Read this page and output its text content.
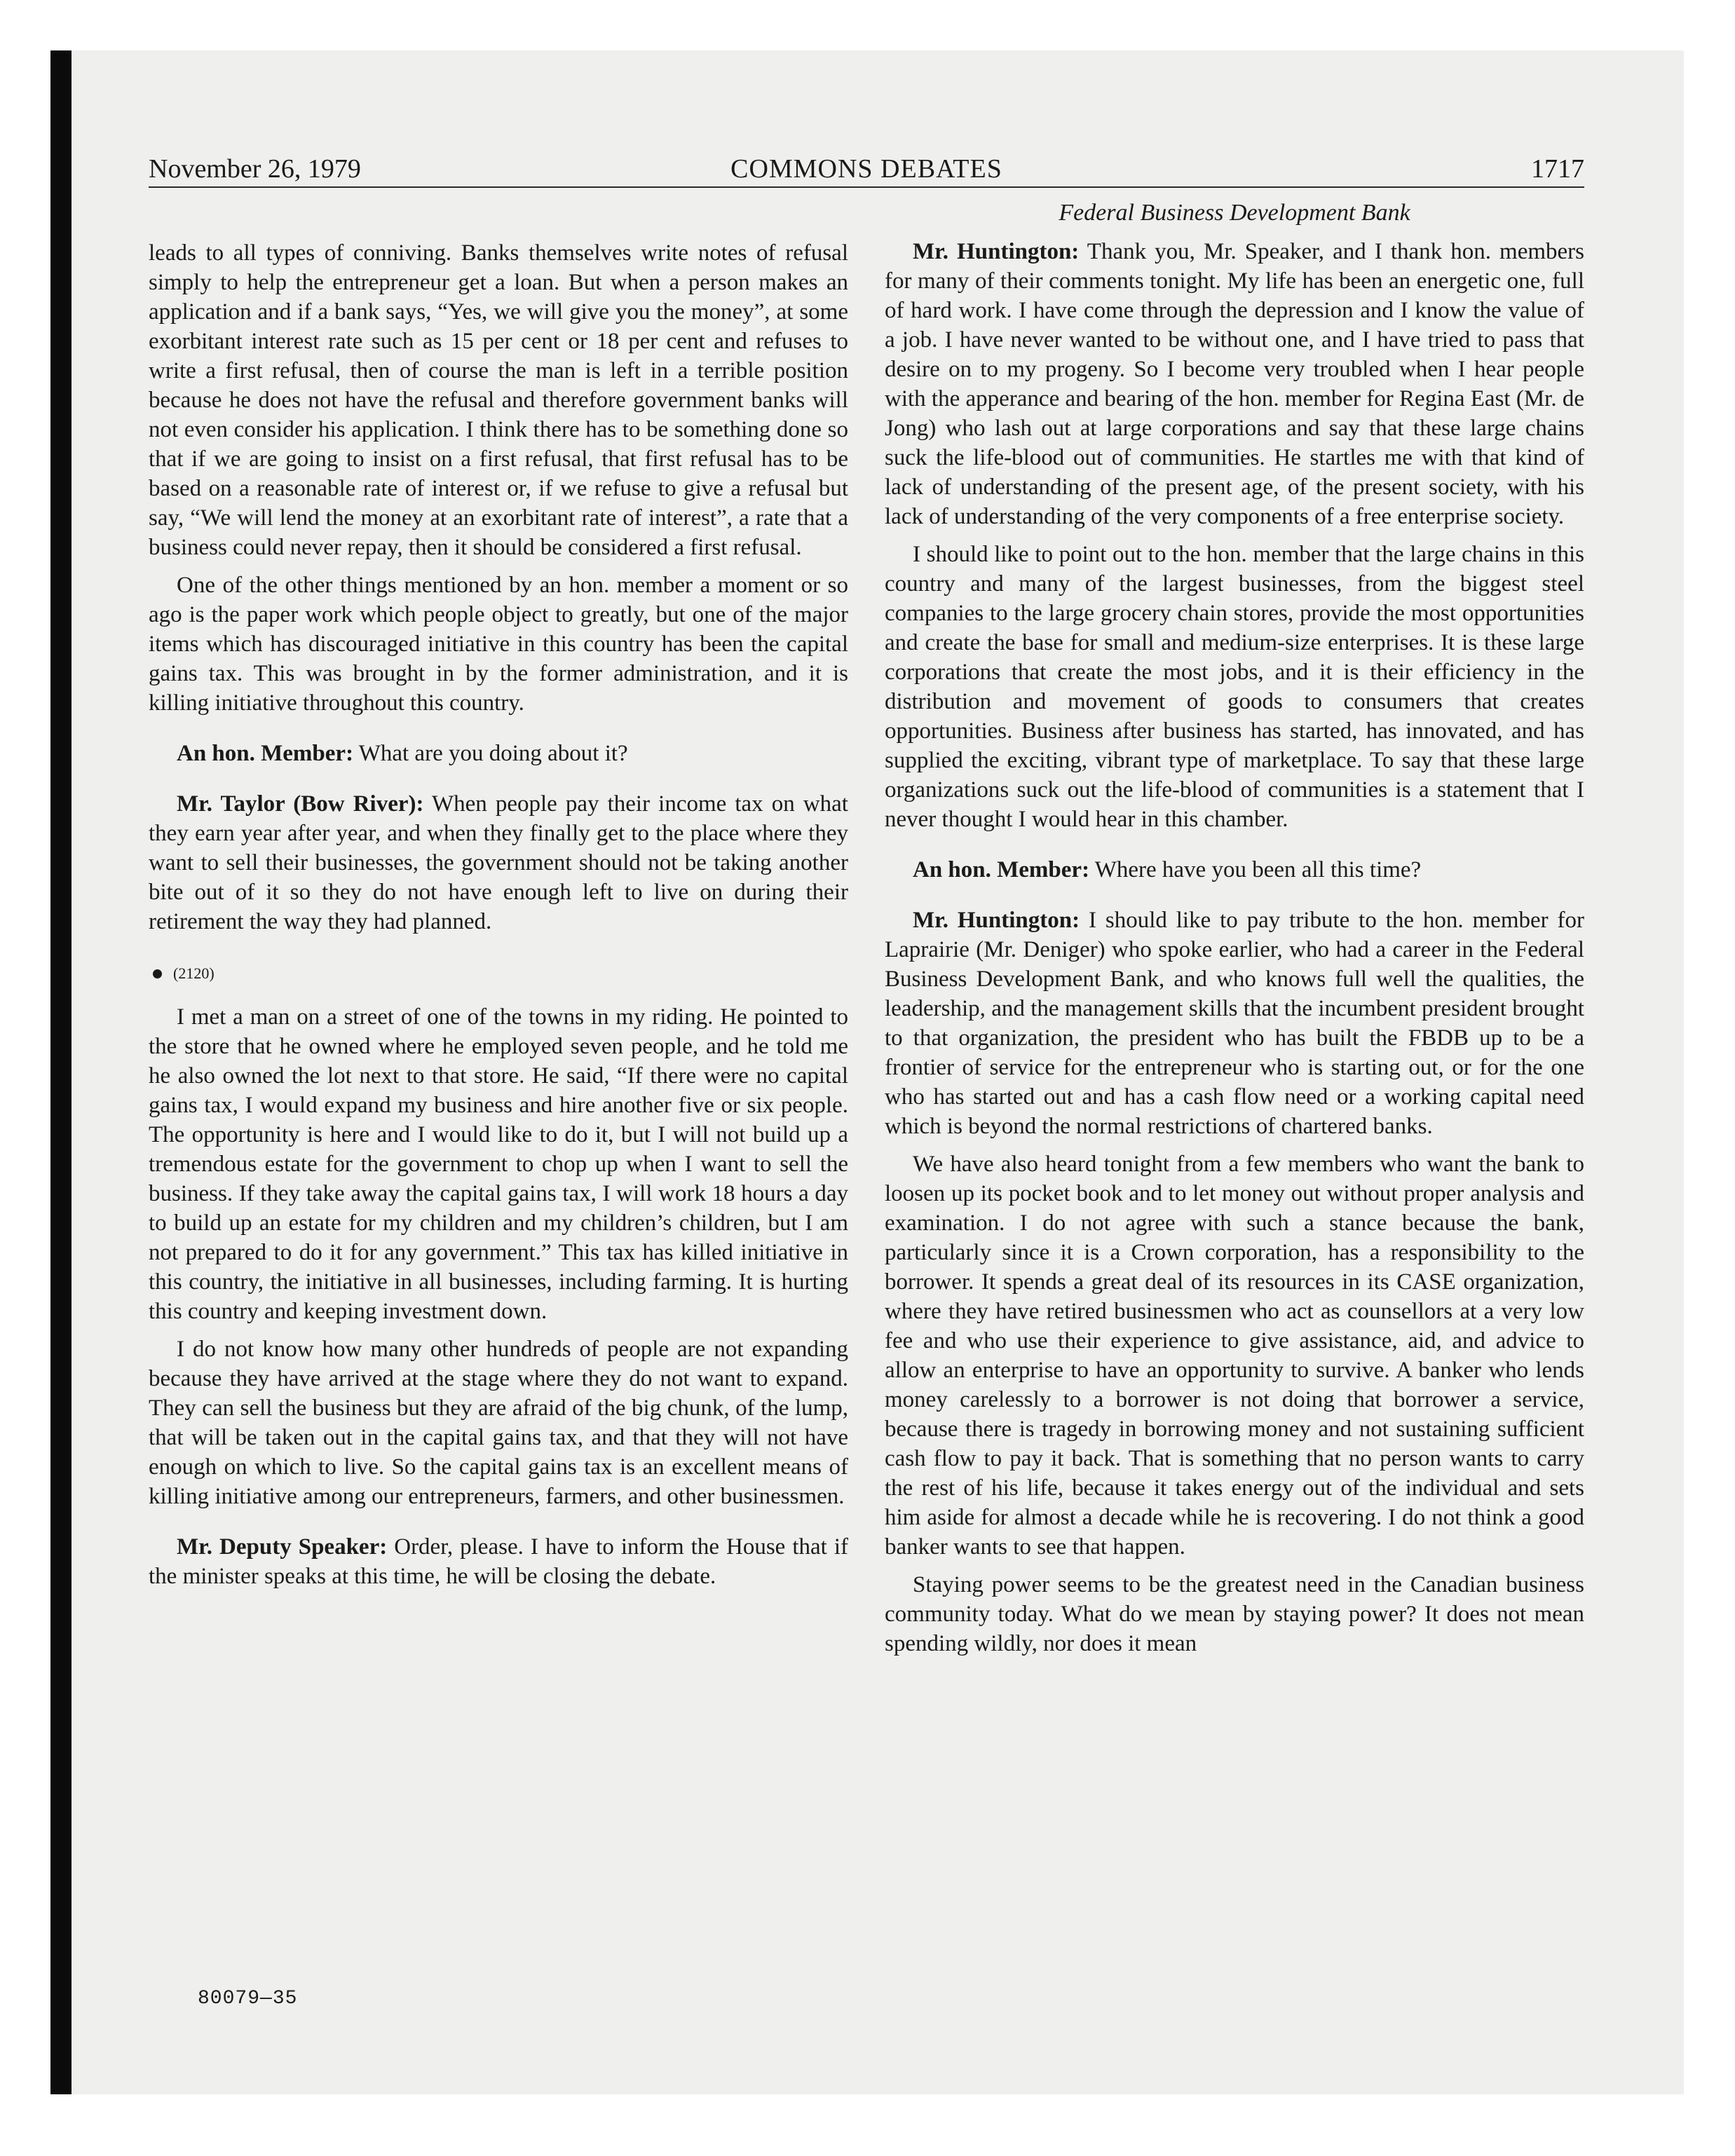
November 26, 1979	COMMONS DEBATES	1717

leads to all types of conniving. Banks themselves write notes of refusal simply to help the entrepreneur get a loan. But when a person makes an application and if a bank says, “Yes, we will give you the money”, at some exorbitant interest rate such as 15 per cent or 18 per cent and refuses to write a first refusal, then of course the man is left in a terrible position because he does not have the refusal and therefore government banks will not even consider his application. I think there has to be something done so that if we are going to insist on a first refusal, that first refusal has to be based on a reasonable rate of interest or, if we refuse to give a refusal but say, “We will lend the money at an exorbitant rate of interest”, a rate that a business could never repay, then it should be considered a first refusal.

One of the other things mentioned by an hon. member a moment or so ago is the paper work which people object to greatly, but one of the major items which has discouraged initiative in this country has been the capital gains tax. This was brought in by the former administration, and it is killing initiative throughout this country.

An hon. Member: What are you doing about it?

Mr. Taylor (Bow River): When people pay their income tax on what they earn year after year, and when they finally get to the place where they want to sell their businesses, the government should not be taking another bite out of it so they do not have enough left to live on during their retirement the way they had planned.

(2120)

I met a man on a street of one of the towns in my riding. He pointed to the store that he owned where he employed seven people, and he told me he also owned the lot next to that store. He said, “If there were no capital gains tax, I would expand my business and hire another five or six people. The opportunity is here and I would like to do it, but I will not build up a tremendous estate for the government to chop up when I want to sell the business. If they take away the capital gains tax, I will work 18 hours a day to build up an estate for my children and my children’s children, but I am not prepared to do it for any government.” This tax has killed initiative in this country, the initiative in all businesses, including farming. It is hurting this country and keeping investment down.

I do not know how many other hundreds of people are not expanding because they have arrived at the stage where they do not want to expand. They can sell the business but they are afraid of the big chunk, of the lump, that will be taken out in the capital gains tax, and that they will not have enough on which to live. So the capital gains tax is an excellent means of killing initiative among our entrepreneurs, farmers, and other businessmen.

Mr. Deputy Speaker: Order, please. I have to inform the House that if the minister speaks at this time, he will be closing the debate.

Federal Business Development Bank

Mr. Huntington: Thank you, Mr. Speaker, and I thank hon. members for many of their comments tonight. My life has been an energetic one, full of hard work. I have come through the depression and I know the value of a job. I have never wanted to be without one, and I have tried to pass that desire on to my progeny. So I become very troubled when I hear people with the apperance and bearing of the hon. member for Regina East (Mr. de Jong) who lash out at large corporations and say that these large chains suck the life-blood out of communities. He startles me with that kind of lack of understanding of the present age, of the present society, with his lack of understanding of the very components of a free enterprise society.

I should like to point out to the hon. member that the large chains in this country and many of the largest businesses, from the biggest steel companies to the large grocery chain stores, provide the most opportunities and create the base for small and medium-size enterprises. It is these large corporations that create the most jobs, and it is their efficiency in the distribution and movement of goods to consumers that creates opportunities. Business after business has started, has innovated, and has supplied the exciting, vibrant type of marketplace. To say that these large organizations suck out the life-blood of communities is a statement that I never thought I would hear in this chamber.

An hon. Member: Where have you been all this time?

Mr. Huntington: I should like to pay tribute to the hon. member for Laprairie (Mr. Deniger) who spoke earlier, who had a career in the Federal Business Development Bank, and who knows full well the qualities, the leadership, and the management skills that the incumbent president brought to that organization, the president who has built the FBDB up to be a frontier of service for the entrepreneur who is starting out, or for the one who has started out and has a cash flow need or a working capital need which is beyond the normal restrictions of chartered banks.

We have also heard tonight from a few members who want the bank to loosen up its pocket book and to let money out without proper analysis and examination. I do not agree with such a stance because the bank, particularly since it is a Crown corporation, has a responsibility to the borrower. It spends a great deal of its resources in its CASE organization, where they have retired businessmen who act as counsellors at a very low fee and who use their experience to give assistance, aid, and advice to allow an enterprise to have an opportunity to survive. A banker who lends money carelessly to a borrower is not doing that borrower a service, because there is tragedy in borrowing money and not sustaining sufficient cash flow to pay it back. That is something that no person wants to carry the rest of his life, because it takes energy out of the individual and sets him aside for almost a decade while he is recovering. I do not think a good banker wants to see that happen.

Staying power seems to be the greatest need in the Canadian business community today. What do we mean by staying power? It does not mean spending wildly, nor does it mean

80079—35
